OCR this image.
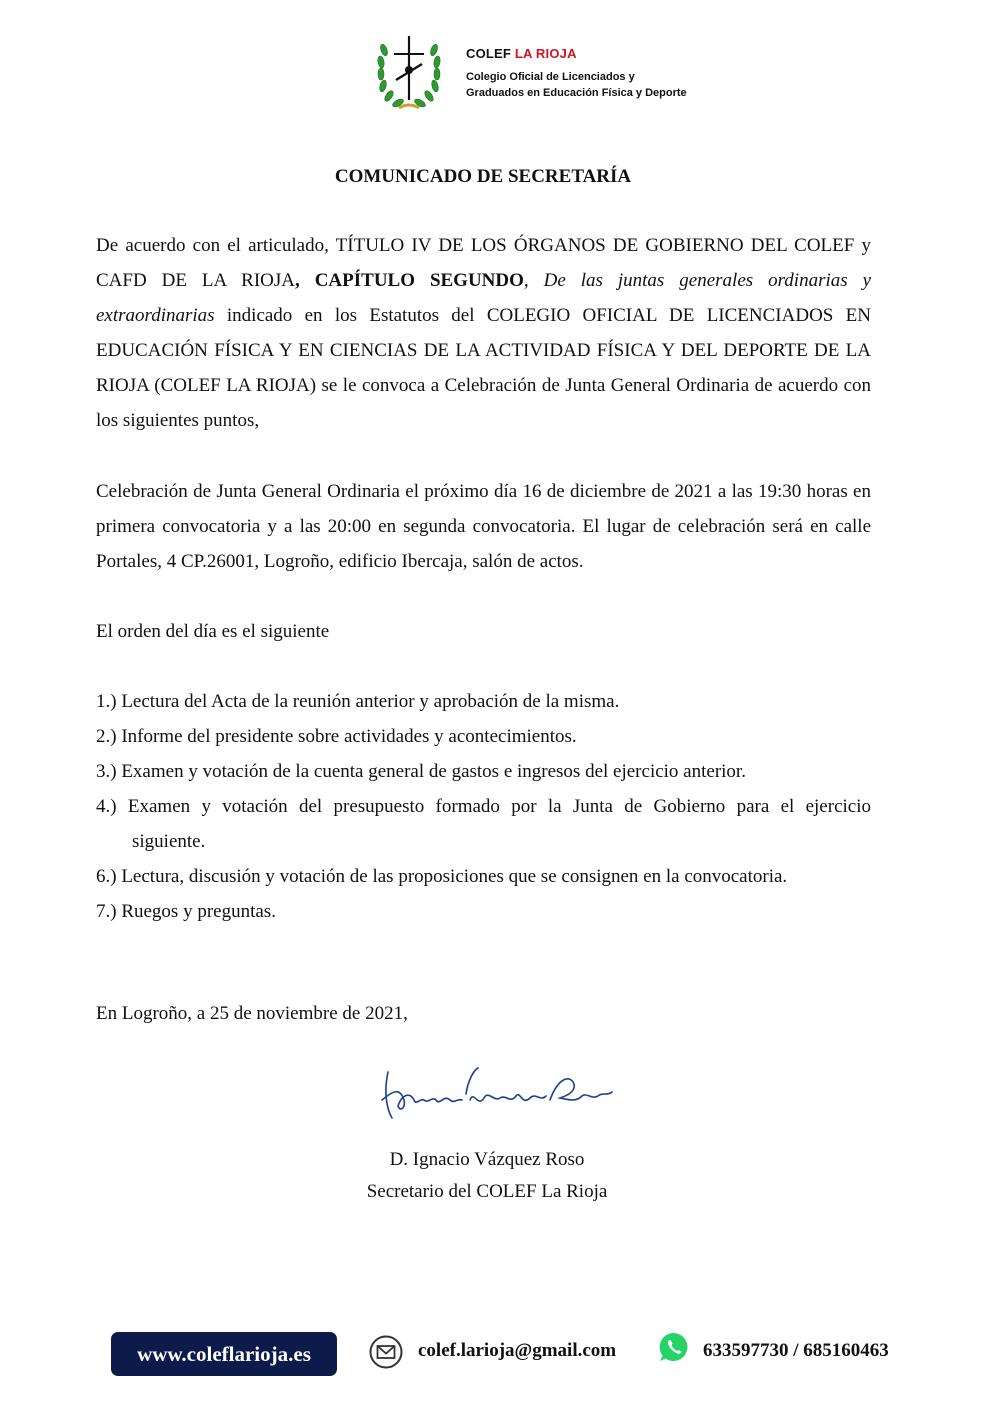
COLEF LA RIOJA
Colegio Oficial de Licenciados y
Graduados en Educación Física y Deporte
COMUNICADO DE SECRETARÍA
De acuerdo con el articulado, TÍTULO IV DE LOS ÓRGANOS DE GOBIERNO DEL COLEF y CAFD DE LA RIOJA, CAPÍTULO SEGUNDO, De las juntas generales ordinarias y extraordinarias indicado en los Estatutos del COLEGIO OFICIAL DE LICENCIADOS EN EDUCACIÓN FÍSICA Y EN CIENCIAS DE LA ACTIVIDAD FÍSICA Y DEL DEPORTE DE LA RIOJA (COLEF LA RIOJA) se le convoca a Celebración de Junta General Ordinaria de acuerdo con los siguientes puntos,
Celebración de Junta General Ordinaria el próximo día 16 de diciembre de 2021 a las 19:30 horas en primera convocatoria y a las 20:00 en segunda convocatoria. El lugar de celebración será en calle Portales, 4 CP.26001, Logroño, edificio Ibercaja, salón de actos.
El orden del día es el siguiente
1.) Lectura del Acta de la reunión anterior y aprobación de la misma.
2.) Informe del presidente sobre actividades y acontecimientos.
3.) Examen y votación de la cuenta general de gastos e ingresos del ejercicio anterior.
4.) Examen y votación del presupuesto formado por la Junta de Gobierno para el ejercicio
siguiente.
6.) Lectura, discusión y votación de las proposiciones que se consignen en la convocatoria.
7.) Ruegos y preguntas.
En Logroño, a 25 de noviembre de 2021,
D. Ignacio Vázquez Roso
Secretario del COLEF La Rioja
www.coleflarioja.es	colef.larioja@gmail.com	633597730 / 685160463
